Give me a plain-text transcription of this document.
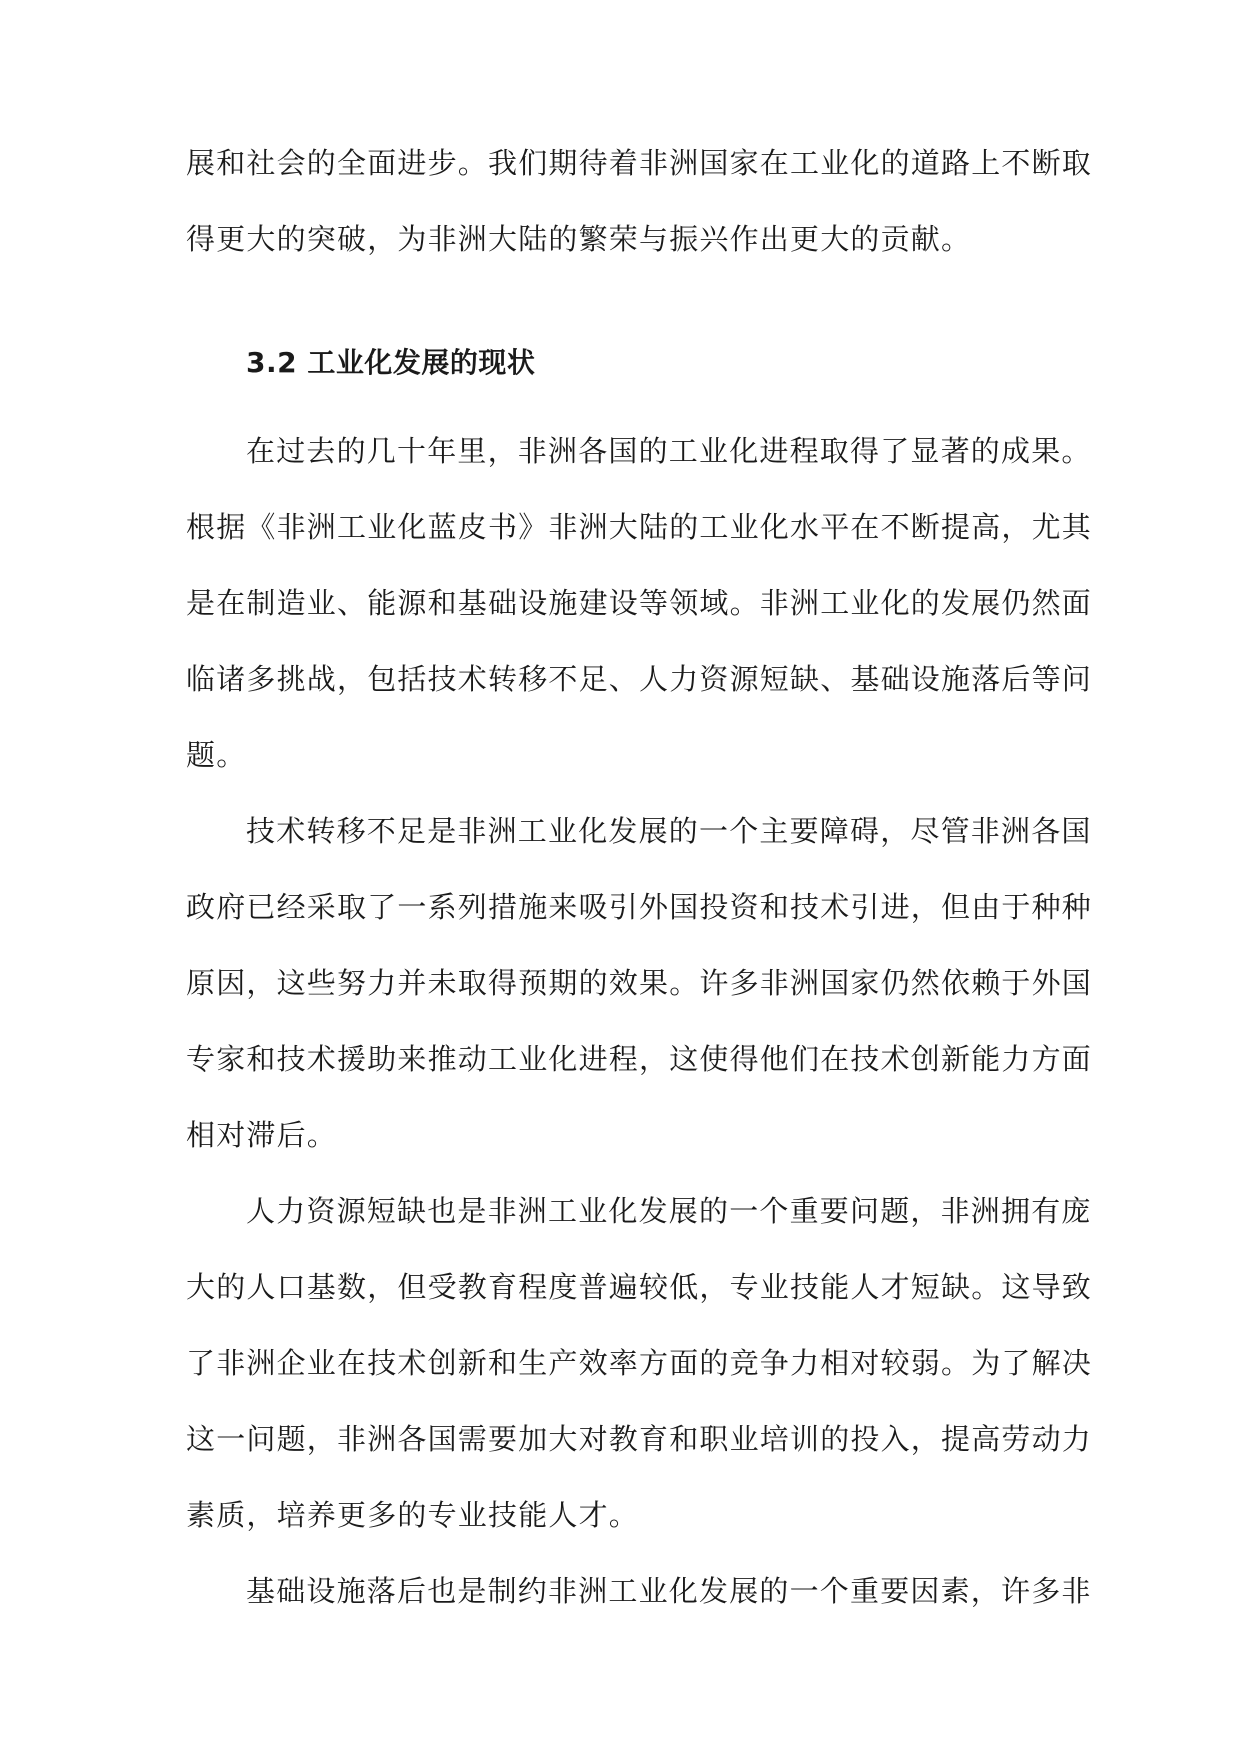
展和社会的全面进步。我们期待着非洲国家在工业化的道路上不断取
得更大的突破，为非洲大陆的繁荣与振兴作出更大的贡献。
3.2 工业化发展的现状
在过去的几十年里，非洲各国的工业化进程取得了显著的成果。
根据《非洲工业化蓝皮书》非洲大陆的工业化水平在不断提高，尤其
是在制造业、能源和基础设施建设等领域。非洲工业化的发展仍然面
临诸多挑战，包括技术转移不足、人力资源短缺、基础设施落后等问
题。
技术转移不足是非洲工业化发展的一个主要障碍，尽管非洲各国
政府已经采取了一系列措施来吸引外国投资和技术引进，但由于种种
原因，这些努力并未取得预期的效果。许多非洲国家仍然依赖于外国
专家和技术援助来推动工业化进程，这使得他们在技术创新能力方面
相对滞后。
人力资源短缺也是非洲工业化发展的一个重要问题，非洲拥有庞
大的人口基数，但受教育程度普遍较低，专业技能人才短缺。这导致
了非洲企业在技术创新和生产效率方面的竞争力相对较弱。为了解决
这一问题，非洲各国需要加大对教育和职业培训的投入，提高劳动力
素质，培养更多的专业技能人才。
基础设施落后也是制约非洲工业化发展的一个重要因素，许多非
